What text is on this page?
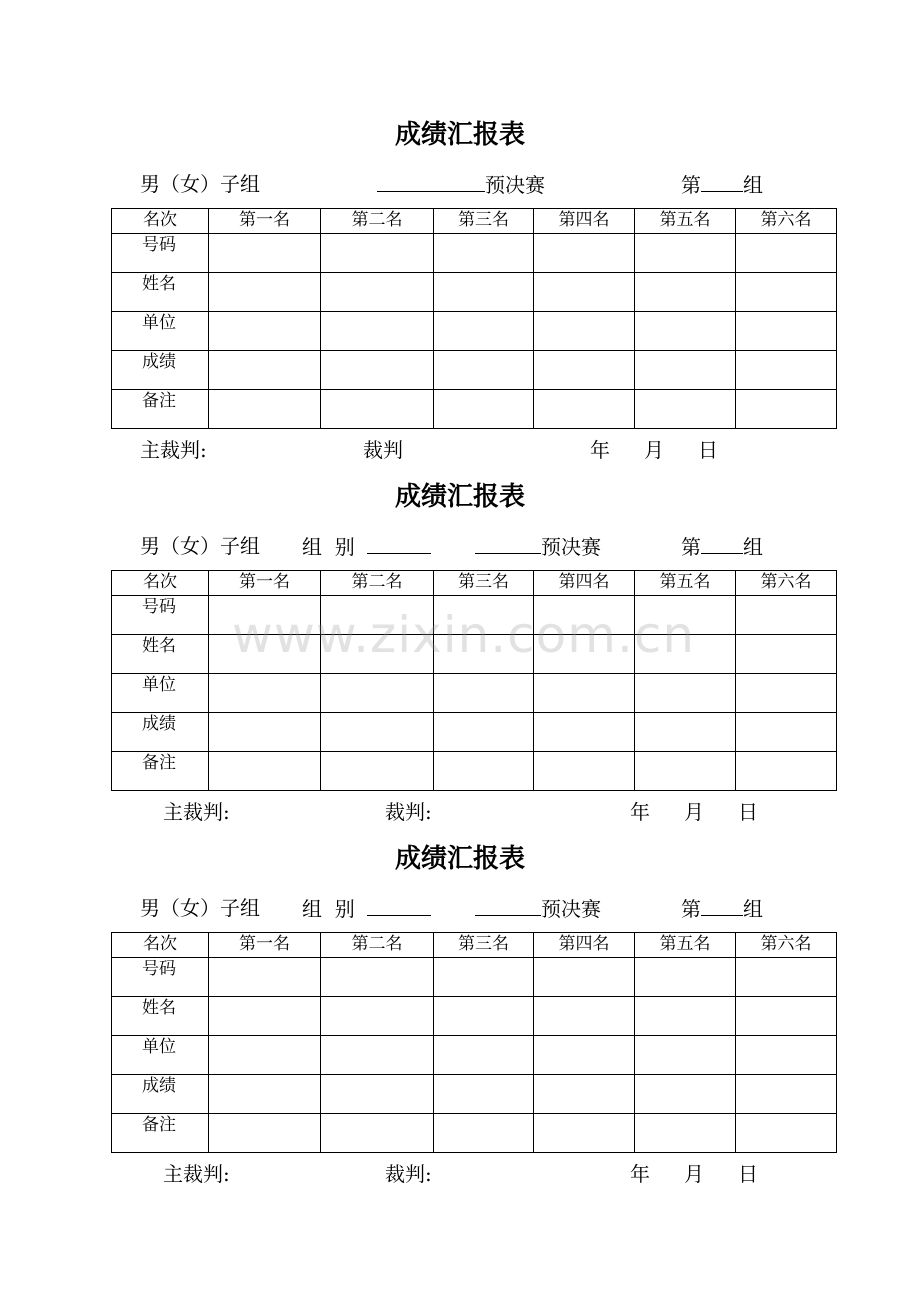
成绩汇报表
男（女）子组	预决赛	第 组
名次	第一名	第二名	第三名	第四名	第五名	第六名
号码						
姓名						
单位						
成绩						
备注						
主裁判:	裁判	年 月 日
成绩汇报表
男（女）子组 组  别	预决赛	第 组
名次	第一名	第二名	第三名	第四名	第五名	第六名
号码						
姓名						
单位						
成绩						
备注						
主裁判:	裁判:	年 月 日
成绩汇报表
男（女）子组 组  别	预决赛	第 组
名次	第一名	第二名	第三名	第四名	第五名	第六名
号码						
姓名						
单位						
成绩						
备注						
主裁判:	裁判:	年 月 日
www.zixin.com.cn
